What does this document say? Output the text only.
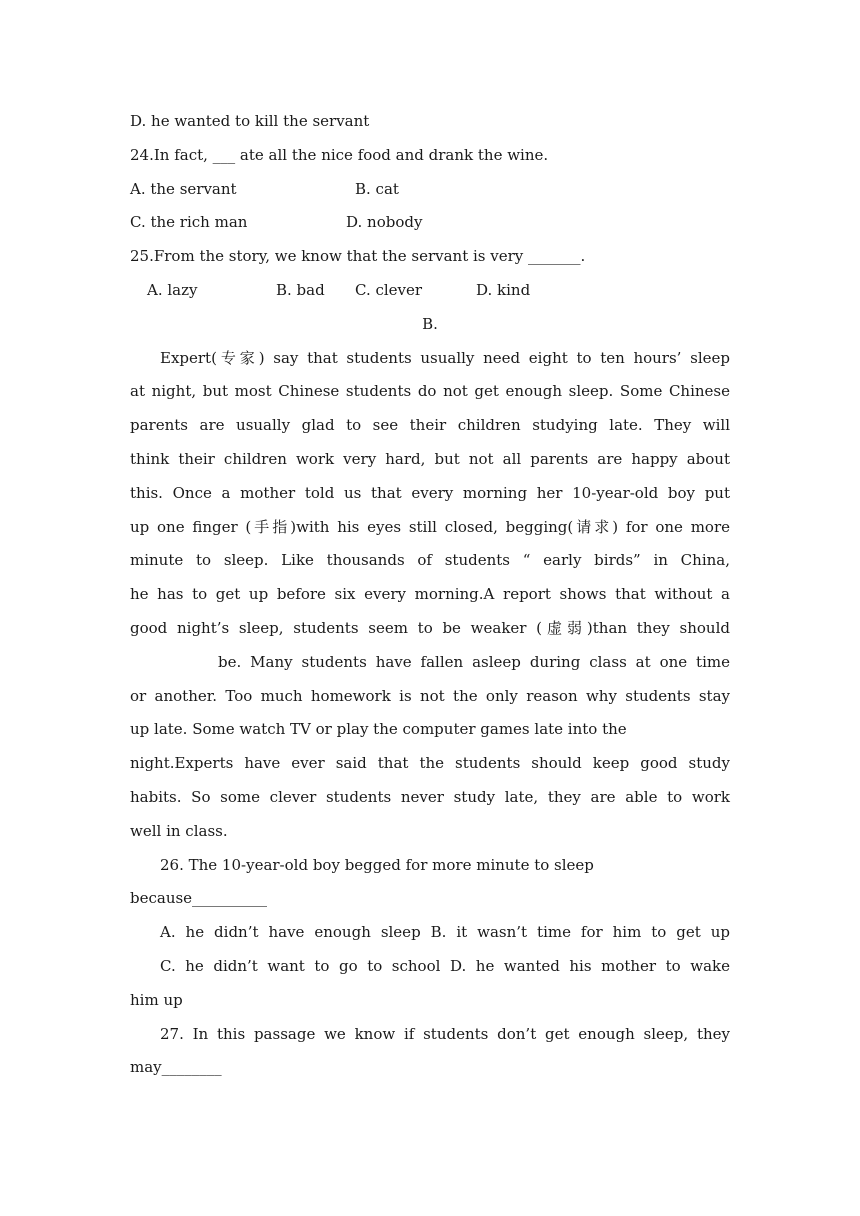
D. he wanted to kill the servant
24.In fact, ___ ate all the nice food and drank the wine.
A. the servant	B. cat
C. the rich man	D. nobody
25.From the story, we know that the servant is very _______.
A. lazy	B. bad C. clever	D. kind
B.
Expert(专家) say that students usually need eight to ten hours’ sleep
at night, but most Chinese students do not get enough sleep. Some Chinese
parents are usually glad to see their children studying late. They will
think their children work very hard, but not all parents are happy about
this. Once a mother told us that every morning her 10-year-old boy put
up one finger (手指)with his eyes still closed, begging(请求) for one more
minute to sleep. Like thousands of students “ early birds” in China,
he has to get up before six every morning.A report shows that without a
good night’s sleep, students seem to be weaker (虚弱)than they should
be. Many students have fallen asleep during class at one time
or another. Too much homework is not the only reason why students stay
up late. Some watch TV or play the computer games late into the
night.Experts have ever said that the students should keep good study
habits. So some clever students never study late, they are able to work
well in class.
26. The 10-year-old boy begged for more minute to sleep
because__________
A. he didn’t have enough sleep B. it wasn’t time for him to get up
C. he didn’t want to go to school D. he wanted his mother to wake
him up
27. In this passage we know if students don’t get enough sleep, they
may________
